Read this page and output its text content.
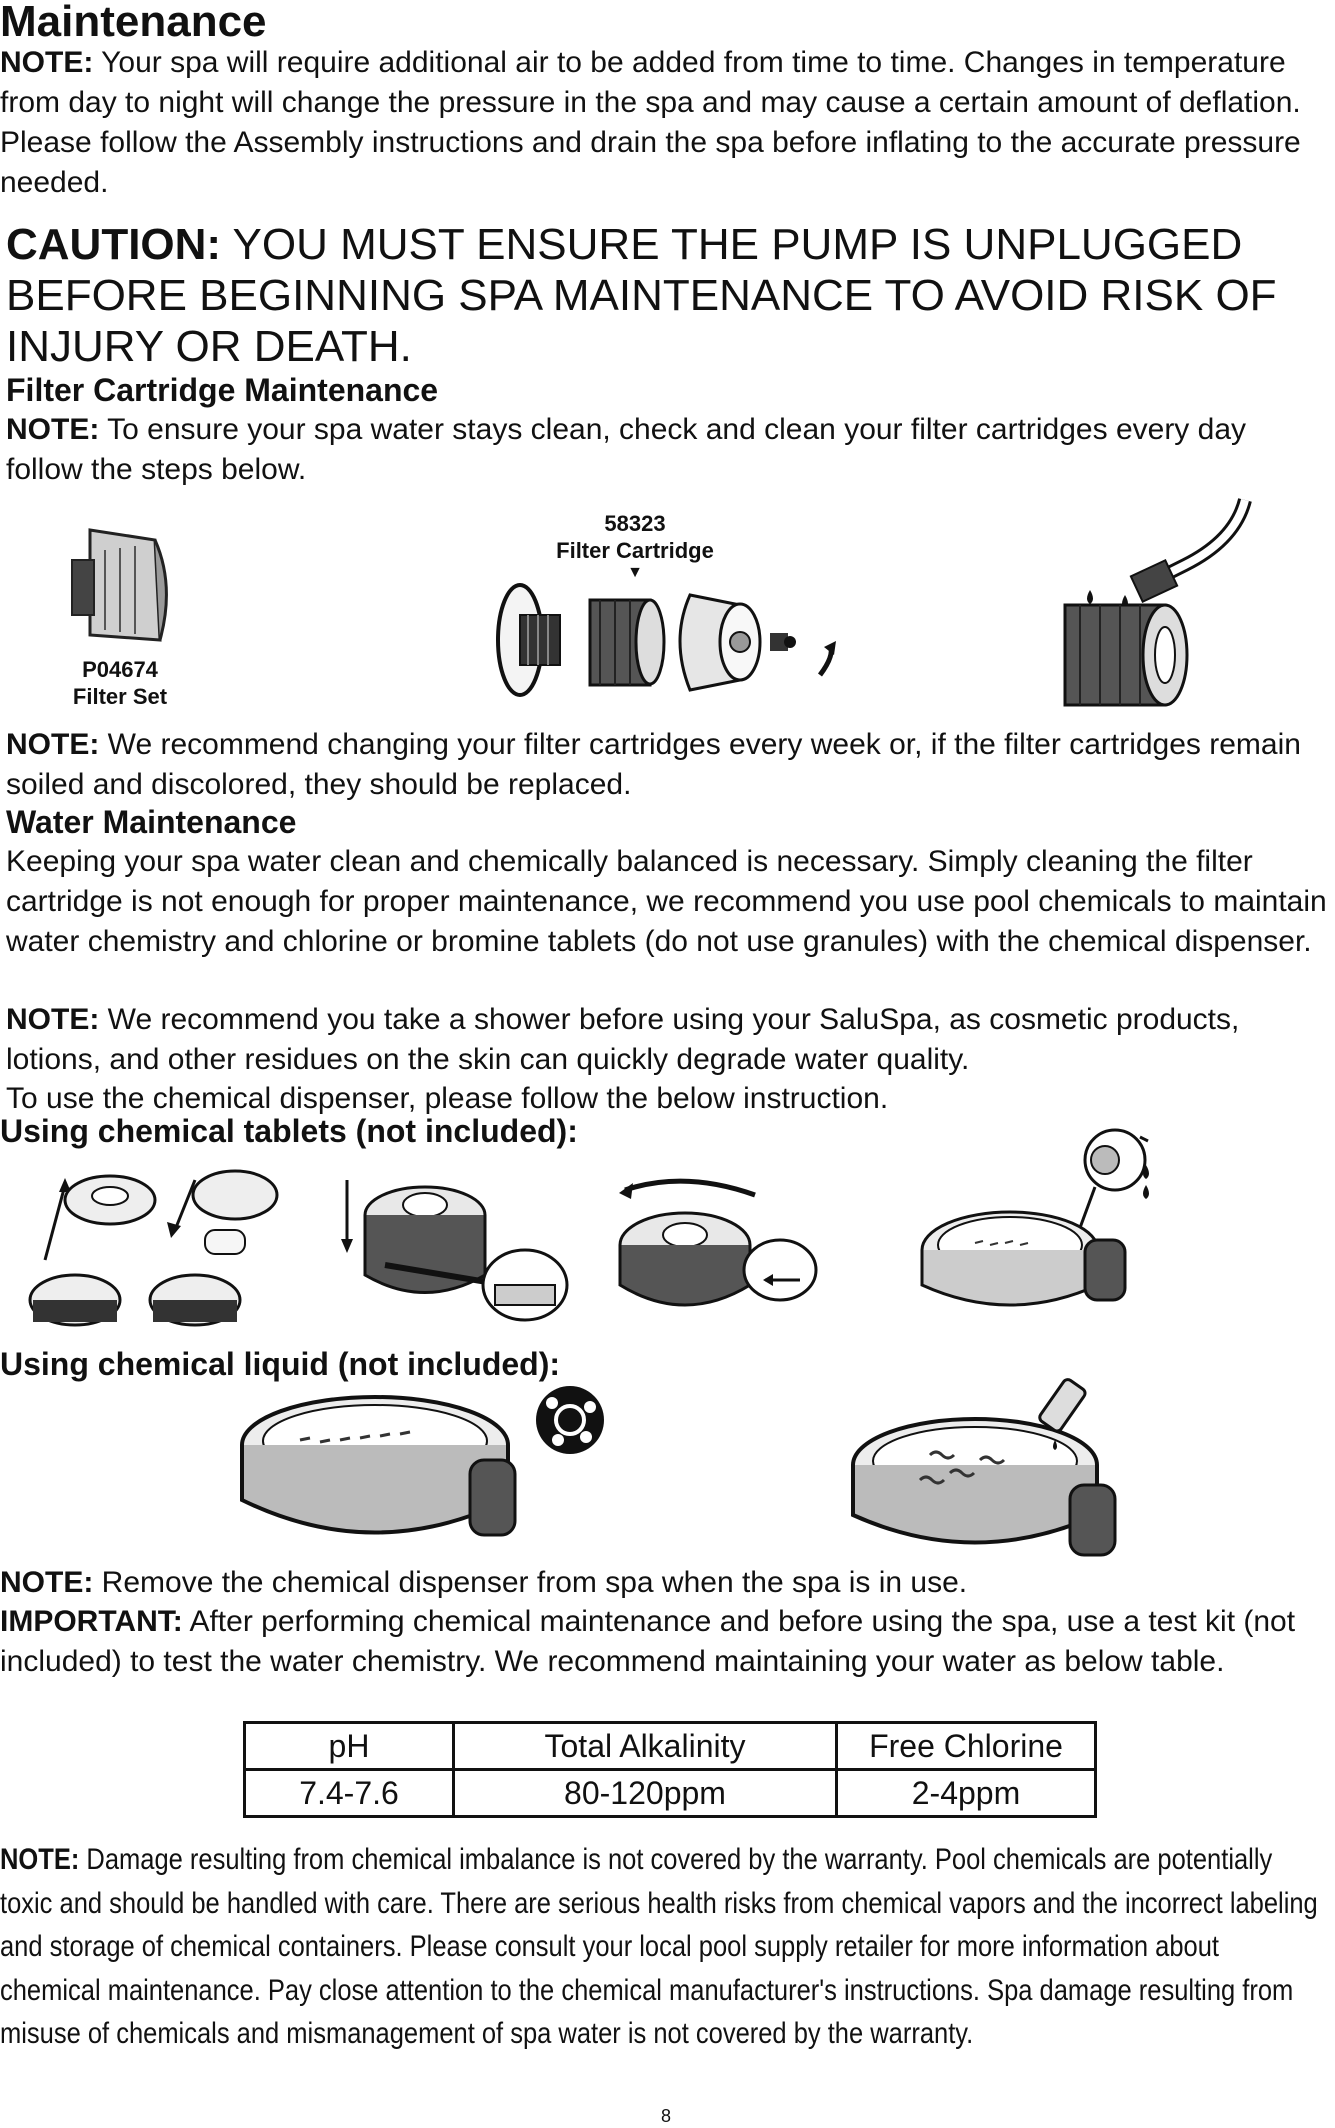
Maintenance
NOTE: Your spa will require additional air to be added from time to time. Changes in temperature from day to night will change the pressure in the spa and may cause a certain amount of deflation. Please follow the Assembly instructions and drain the spa before inflating to the accurate pressure needed.
CAUTION: YOU MUST ENSURE THE PUMP IS UNPLUGGED BEFORE BEGINNING SPA MAINTENANCE TO AVOID RISK OF INJURY OR DEATH.
Filter Cartridge Maintenance
NOTE: To ensure your spa water stays clean, check and clean your filter cartridges every day follow the steps below.
P04674
Filter Set
58323
Filter Cartridge
▼
NOTE: We recommend changing your filter cartridges every week or, if the filter cartridges remain soiled and discolored, they should be replaced.
Water Maintenance
Keeping your spa water clean and chemically balanced is necessary. Simply cleaning the filter cartridge is not enough for proper maintenance, we recommend you use pool chemicals to maintain water chemistry and chlorine or bromine tablets (do not use granules) with the chemical dispenser.
NOTE: We recommend you take a shower before using your SaluSpa, as cosmetic products, lotions, and other residues on the skin can quickly degrade water quality.
To use the chemical dispenser, please follow the below instruction.
Using chemical tablets (not included):
Using chemical liquid (not included):
NOTE: Remove the chemical dispenser from spa when the spa is in use.
IMPORTANT: After performing chemical maintenance and before using the spa, use a test kit (not included) to test the water chemistry. We recommend maintaining your water as below table.
pH	Total Alkalinity	Free Chlorine
7.4-7.6	80-120ppm	2-4ppm
NOTE: Damage resulting from chemical imbalance is not covered by the warranty. Pool chemicals are potentially toxic and should be handled with care. There are serious health risks from chemical vapors and the incorrect labeling and storage of chemical containers. Please consult your local pool supply retailer for more information about chemical maintenance. Pay close attention to the chemical manufacturer's instructions. Spa damage resulting from misuse of chemicals and mismanagement of spa water is not covered by the warranty.
8
